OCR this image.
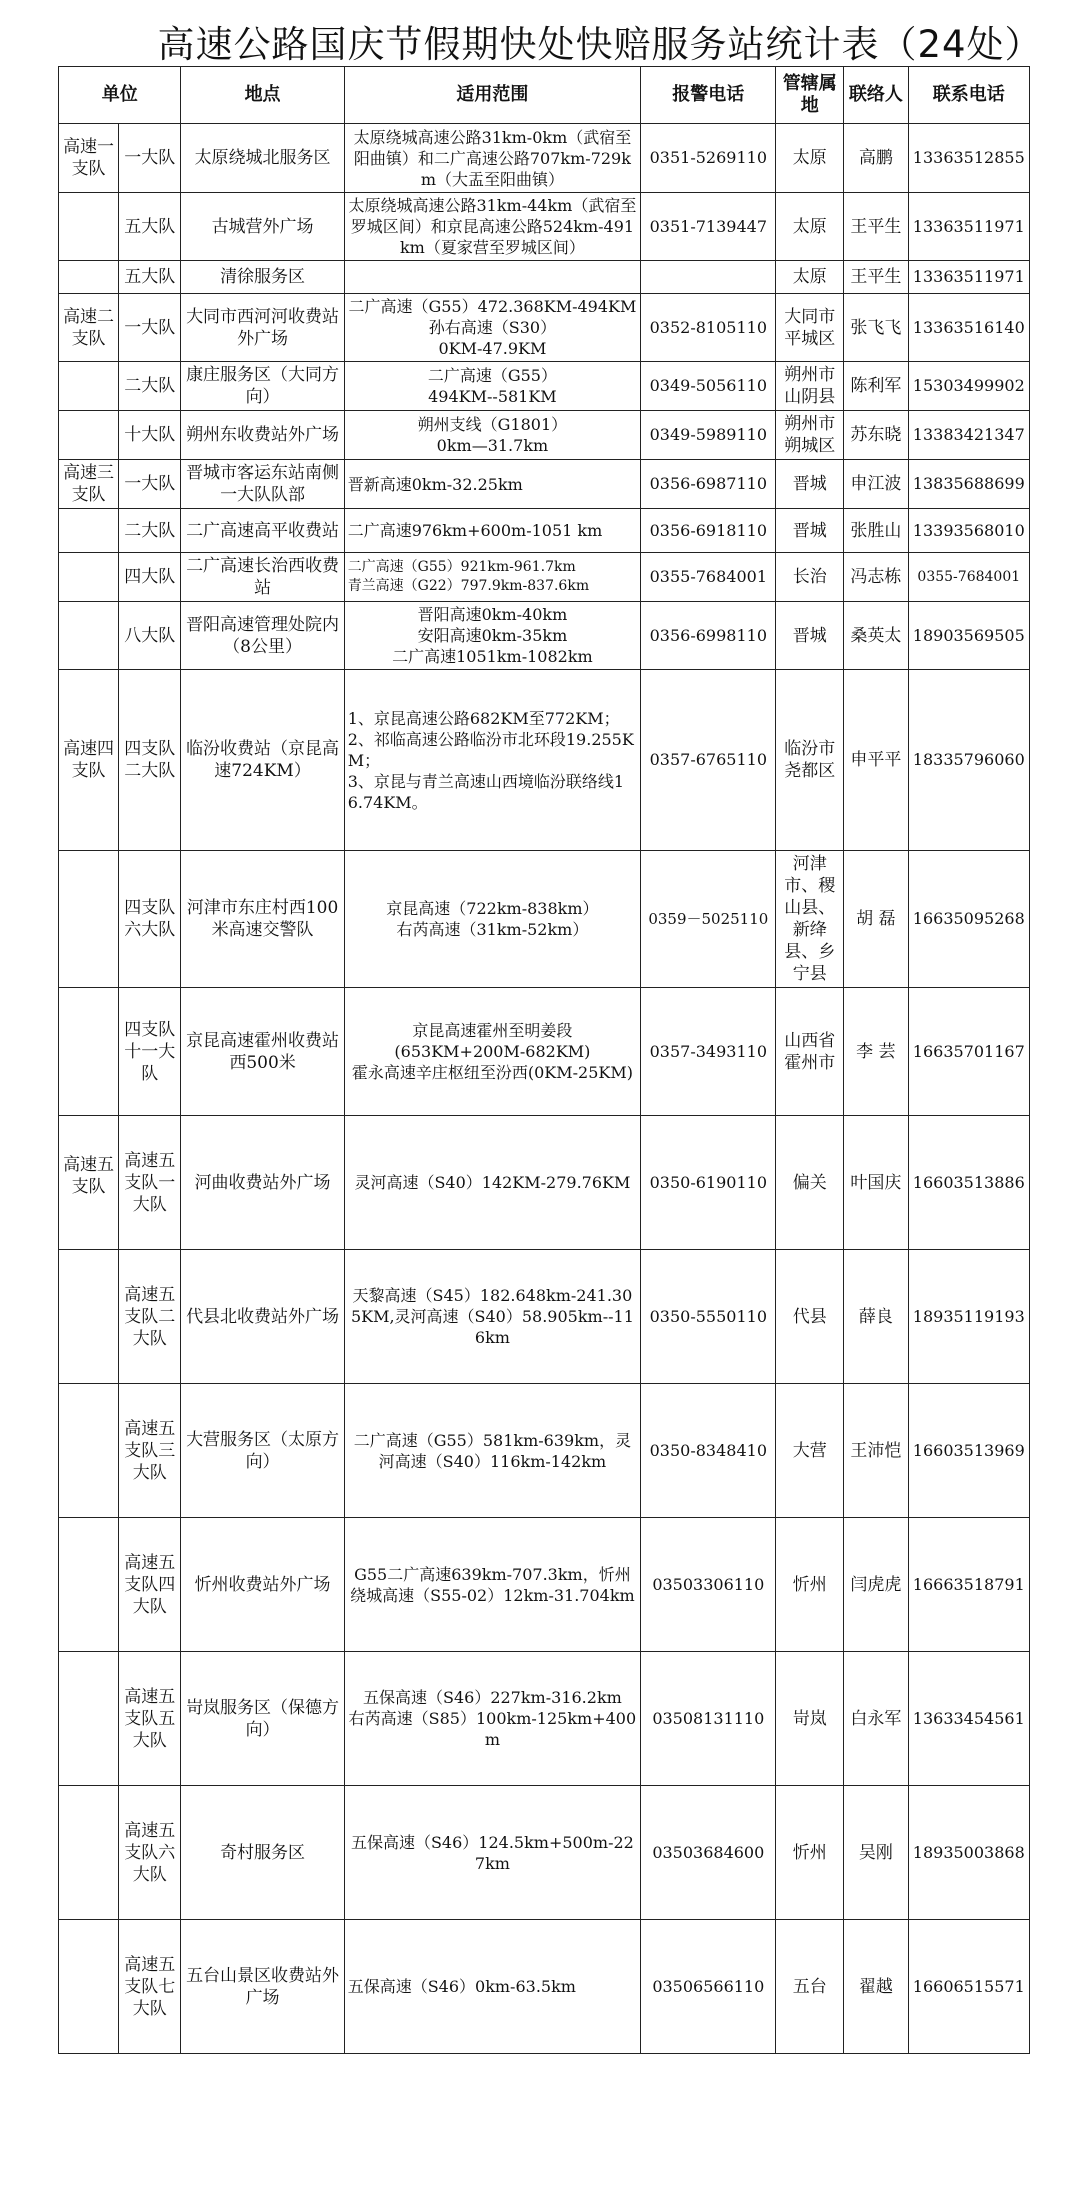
高速公路国庆节假期快处快赔服务站统计表（24处）
单位		地点	适用范围	报警电话	管辖属地	联络人	联系电话
高速一支队	一大队	太原绕城北服务区	太原绕城高速公路31km-0km（武宿至阳曲镇）和二广高速公路707km-729km（大盂至阳曲镇）	0351-5269110	太原	高鹏	13363512855
	五大队	古城营外广场	太原绕城高速公路31km-44km（武宿至罗城区间）和京昆高速公路524km-491km（夏家营至罗城区间）	0351-7139447	太原	王平生	13363511971
	五大队	清徐服务区			太原	王平生	13363511971
高速二支队	一大队	大同市西河河收费站外广场	二广高速（G55）472.368KM-494KM
孙右高速（S30）
0KM-47.9KM	0352-8105110	大同市平城区	张飞飞	13363516140
	二大队	康庄服务区（大同方向）	二广高速（G55）
494KM--581KM	0349-5056110	朔州市山阴县	陈利军	15303499902
	十大队	朔州东收费站外广场	朔州支线（G1801）
0km—31.7km	0349-5989110	朔州市朔城区	苏东晓	13383421347
高速三支队	一大队	晋城市客运东站南侧一大队队部	晋新高速0km-32.25km	0356-6987110	晋城	申江波	13835688699
	二大队	二广高速高平收费站	二广高速976km+600m-1051 km	0356-6918110	晋城	张胜山	13393568010
	四大队	二广高速长治西收费站	二广高速（G55）921km-961.7km
青兰高速（G22）797.9km-837.6km	0355-7684001	长治	冯志栋	0355-7684001
	八大队	晋阳高速管理处院内（8公里）	晋阳高速0km-40km
安阳高速0km-35km
二广高速1051km-1082km	0356-6998110	晋城	桑英太	18903569505
高速四支队	四支队二大队	临汾收费站（京昆高速724KM）	1、京昆高速公路682KM至772KM；
2、祁临高速公路临汾市北环段19.255KM；
3、京昆与青兰高速山西境临汾联络线16.74KM。	0357-6765110	临汾市尧都区	申平平	18335796060
	四支队六大队	河津市东庄村西100米高速交警队	京昆高速（722km-838km）
右芮高速（31km-52km）	0359－5025110	河津市、稷山县、新绛县、乡宁县	胡 磊	16635095268
	四支队十一大队	京昆高速霍州收费站西500米	京昆高速霍州至明姜段
(653KM+200M-682KM)
霍永高速辛庄枢纽至汾西(0KM-25KM)	0357-3493110	山西省霍州市	李 芸	16635701167
高速五支队	高速五支队一大队	河曲收费站外广场	灵河高速（S40）142KM-279.76KM	0350-6190110	偏关	叶国庆	16603513886
	高速五支队二大队	代县北收费站外广场	天黎高速（S45）182.648km-241.305KM,灵河高速（S40）58.905km--116km	0350-5550110	代县	薛良	18935119193
	高速五支队三大队	大营服务区（太原方向）	二广高速（G55）581km-639km，灵河高速（S40）116km-142km	0350-8348410	大营	王沛恺	16603513969
	高速五支队四大队	忻州收费站外广场	G55二广高速639km-707.3km，忻州绕城高速（S55-02）12km-31.704km	03503306110	忻州	闫虎虎	16663518791
	高速五支队五大队	岢岚服务区（保德方向）	五保高速（S46）227km-316.2km
右芮高速（S85）100km-125km+400m	03508131110	岢岚	白永军	13633454561
	高速五支队六大队	奇村服务区	五保高速（S46）124.5km+500m-227km	03503684600	忻州	吴刚	18935003868
	高速五支队七大队	五台山景区收费站外广场	五保高速（S46）0km-63.5km	03506566110	五台	翟越	16606515571
